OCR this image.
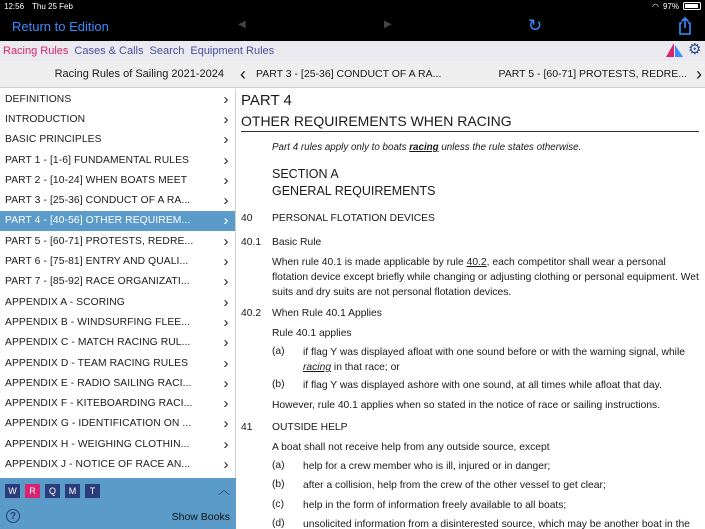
12:56 Thu 25 Feb	◠ 97%
Return to Edition	◀	▶	↻
Racing Rules Cases & Calls Search Equipment Rules	⚙
Racing Rules of Sailing 2021-2024
DEFINITIONS	›
INTRODUCTION	›
BASIC PRINCIPLES	›
PART 1 - [1-6] FUNDAMENTAL RULES	›
PART 2 - [10-24] WHEN BOATS MEET	›
PART 3 - [25-36] CONDUCT OF A RA...	›
PART 4 - [40-56] OTHER REQUIREM...	›
PART 5 - [60-71] PROTESTS, REDRE...	›
PART 6 - [75-81] ENTRY AND QUALI...	›
PART 7 - [85-92] RACE ORGANIZATI...	›
APPENDIX A - SCORING	›
APPENDIX B - WINDSURFING FLEE...	›
APPENDIX C - MATCH RACING RUL...	›
APPENDIX D - TEAM RACING RULES	›
APPENDIX E - RADIO SAILING RACI...	›
APPENDIX F - KITEBOARDING RACI...	›
APPENDIX G - IDENTIFICATION ON ...	›
APPENDIX H - WEIGHING CLOTHIN...	›
APPENDIX J - NOTICE OF RACE AN...	›
W	R	Q	M	T	︿
?	Show Books
‹ PART 3 - [25-36] CONDUCT OF A RA...	PART 5 - [60-71] PROTESTS, REDRE... ›
PART 4
OTHER REQUIREMENTS WHEN RACING
Part 4 rules apply only to boats racing unless the rule states otherwise.
SECTION A
GENERAL REQUIREMENTS
40 PERSONAL FLOTATION DEVICES
40.1 Basic Rule
When rule 40.1 is made applicable by rule 40.2, each competitor shall wear a personal flotation device except briefly while changing or adjusting clothing or personal equipment. Wet suits and dry suits are not personal flotation devices.
40.2 When Rule 40.1 Applies
Rule 40.1 applies
(a) if flag Y was displayed afloat with one sound before or with the warning signal, while racing in that race; or
(b) if flag Y was displayed ashore with one sound, at all times while afloat that day.
However, rule 40.1 applies when so stated in the notice of race or sailing instructions.
41 OUTSIDE HELP
A boat shall not receive help from any outside source, except
(a) help for a crew member who is ill, injured or in danger;
(b) after a collision, help from the crew of the other vessel to get clear;
(c) help in the form of information freely available to all boats;
(d) unsolicited information from a disinterested source, which may be another boat in the
